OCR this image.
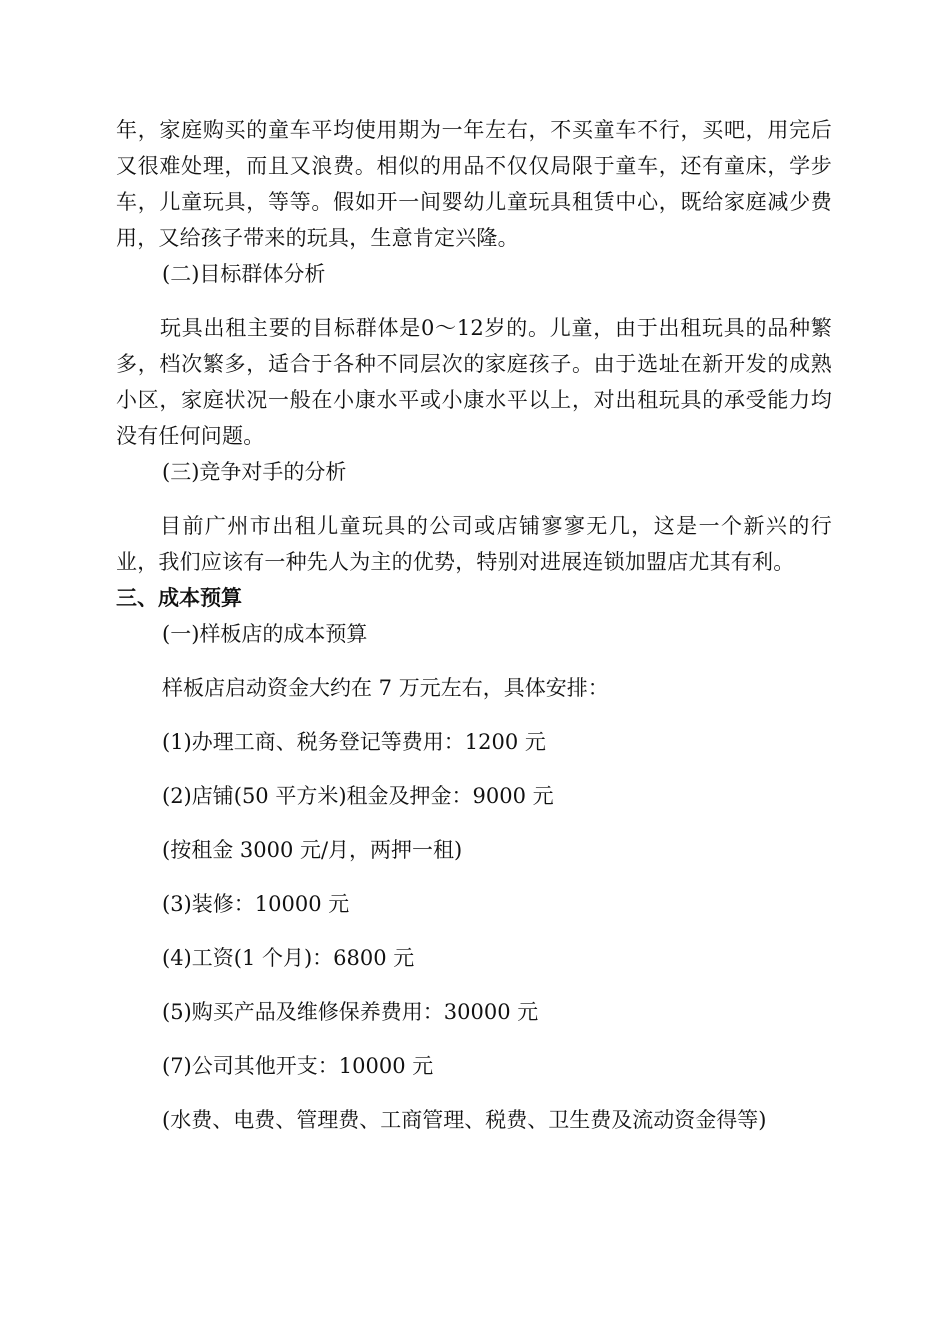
年，家庭购买的童车平均使用期为一年左右，不买童车不行，买吧，用完后又很难处理，而且又浪费。相似的用品不仅仅局限于童车，还有童床，学步车，儿童玩具，等等。假如开一间婴幼儿童玩具租赁中心，既给家庭减少费用，又给孩子带来的玩具，生意肯定兴隆。

(二)目标群体分析

玩具出租主要的目标群体是0～12岁的。儿童，由于出租玩具的品种繁多，档次繁多，适合于各种不同层次的家庭孩子。由于选址在新开发的成熟小区，家庭状况一般在小康水平或小康水平以上，对出租玩具的承受能力均没有任何问题。

(三)竞争对手的分析

目前广州市出租儿童玩具的公司或店铺寥寥无几，这是一个新兴的行业，我们应该有一种先人为主的优势，特别对进展连锁加盟店尤其有利。

三、成本预算

(一)样板店的成本预算

样板店启动资金大约在 7 万元左右，具体安排：

(1)办理工商、税务登记等费用：1200 元

(2)店铺(50 平方米)租金及押金：9000 元

(按租金 3000 元/月，两押一租)

(3)装修：10000 元

(4)工资(1 个月)：6800 元

(5)购买产品及维修保养费用：30000 元

(7)公司其他开支：10000 元

(水费、电费、管理费、工商管理、税费、卫生费及流动资金得等)
